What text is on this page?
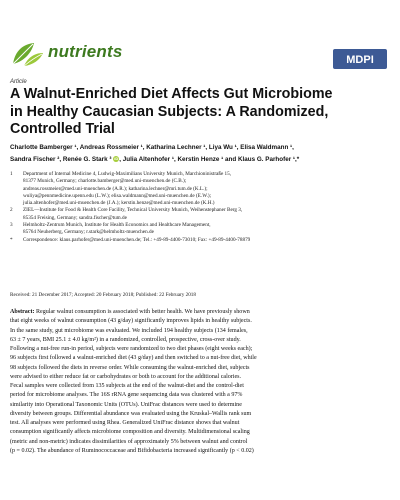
nutrients	MDPI
Article
A Walnut-Enriched Diet Affects Gut Microbiome
in Healthy Caucasian Subjects: A Randomized,
Controlled Trial
Charlotte Bamberger ¹, Andreas Rossmeier ¹, Katharina Lechner ¹, Liya Wu ¹, Elisa Waldmann ¹,
Sandra Fischer ², Renée G. Stark ³ iD, Julia Altenhofer ¹, Kerstin Henze ¹ and Klaus G. Parhofer ¹,*
1 Department of Internal Medicine 4, Ludwig-Maximilians University Munich, Marchioninistraße 15,
81377 Munich, Germany; charlotte.bamberger@med.uni-muenchen.de (C.B.);
andreas.rossmeier@med.uni-muenchen.de (A.R.); katharina.lechner@mri.tum.de (K.L.);
wuliya@pennmedicine.upenn.edu (L.W.); elisa.waldmann@med.uni-muenchen.de (E.W.);
julia.altenhofer@med.uni-muenchen.de (J.A.); kerstin.henze@med.uni-muenchen.de (K.H.)
2 ZIEL—Institute for Food & Health Core Facility, Technical University Munich, Weihenstephaner Berg 3,
85354 Freising, Germany; sandra.fischer@tum.de
3 Helmholtz-Zentrum Munich, Institute for Health Economics and Healthcare Management,
85764 Neuherberg, Germany; r.stark@helmholtz-muenchen.de
* Correspondence: klaus.parhofer@med.uni-muenchen.de; Tel.: +49-89-4400-73010; Fax: +49-89-4400-78879
Received: 21 December 2017; Accepted: 20 February 2018; Published: 22 February 2018
Abstract: Regular walnut consumption is associated with better health. We have previously shown
that eight weeks of walnut consumption (43 g/day) significantly improves lipids in healthy subjects.
In the same study, gut microbiome was evaluated. We included 194 healthy subjects (134 females,
63 ± 7 years, BMI 25.1 ± 4.0 kg/m²) in a randomized, controlled, prospective, cross-over study.
Following a nut-free run-in period, subjects were randomized to two diet phases (eight weeks each);
96 subjects first followed a walnut-enriched diet (43 g/day) and then switched to a nut-free diet, while
98 subjects followed the diets in reverse order. While consuming the walnut-enriched diet, subjects
were advised to either reduce fat or carbohydrates or both to account for the additional calories.
Fecal samples were collected from 135 subjects at the end of the walnut-diet and the control-diet
period for microbiome analyses. The 16S rRNA gene sequencing data was clustered with a 97%
similarity into Operational Taxonomic Units (OTUs). UniFrac distances were used to determine
diversity between groups. Differential abundance was evaluated using the Kruskal–Wallis rank sum
test. All analyses were performed using Rhea. Generalized UniFrac distance shows that walnut
consumption significantly affects microbiome composition and diversity. Multidimensional scaling
(metric and non-metric) indicates dissimilarities of approximately 5% between walnut and control
(p = 0.02). The abundance of Ruminococcaceae and Bifidobacteria increased significantly (p < 0.02)
